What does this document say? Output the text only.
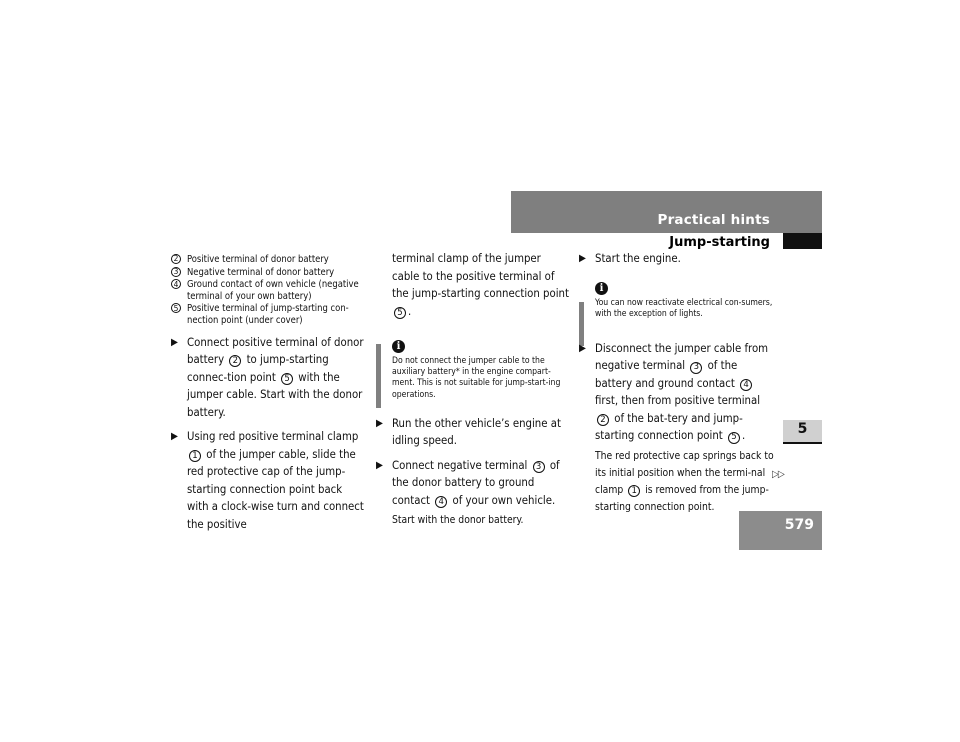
Practical hints
Jump-starting
5
579
▷▷
2 Positive terminal of donor battery
3 Negative terminal of donor battery
4 Ground contact of own vehicle (negative terminal of your own battery)
5 Positive terminal of jump-starting con-nection point (under cover)
▶ Connect positive terminal of donor battery 2 to jump-starting connec-tion point 5 with the jumper cable. Start with the donor battery.
▶ Using red positive terminal clamp 1 of the jumper cable, slide the red protective cap of the jump-starting connection point back with a clock-wise turn and connect the positive
terminal clamp of the jumper cable to the positive terminal of the jump-starting connection point 5 .
i
Do not connect the jumper cable to the auxiliary battery* in the engine compart-ment. This is not suitable for jump-start-ing operations.
▶ Run the other vehicle’s engine at idling speed.
▶ Connect negative terminal 3 of the donor battery to ground contact 4 of your own vehicle.
Start with the donor battery.
▶ Start the engine.
i
You can now reactivate electrical con-sumers, with the exception of lights.
▶ Disconnect the jumper cable from negative terminal 3 of the battery and ground contact 4 first, then from positive terminal 2 of the bat-tery and jump-starting connection point 5 .
The red protective cap springs back to its initial position when the termi-nal clamp 1 is removed from the jump-starting connection point.
